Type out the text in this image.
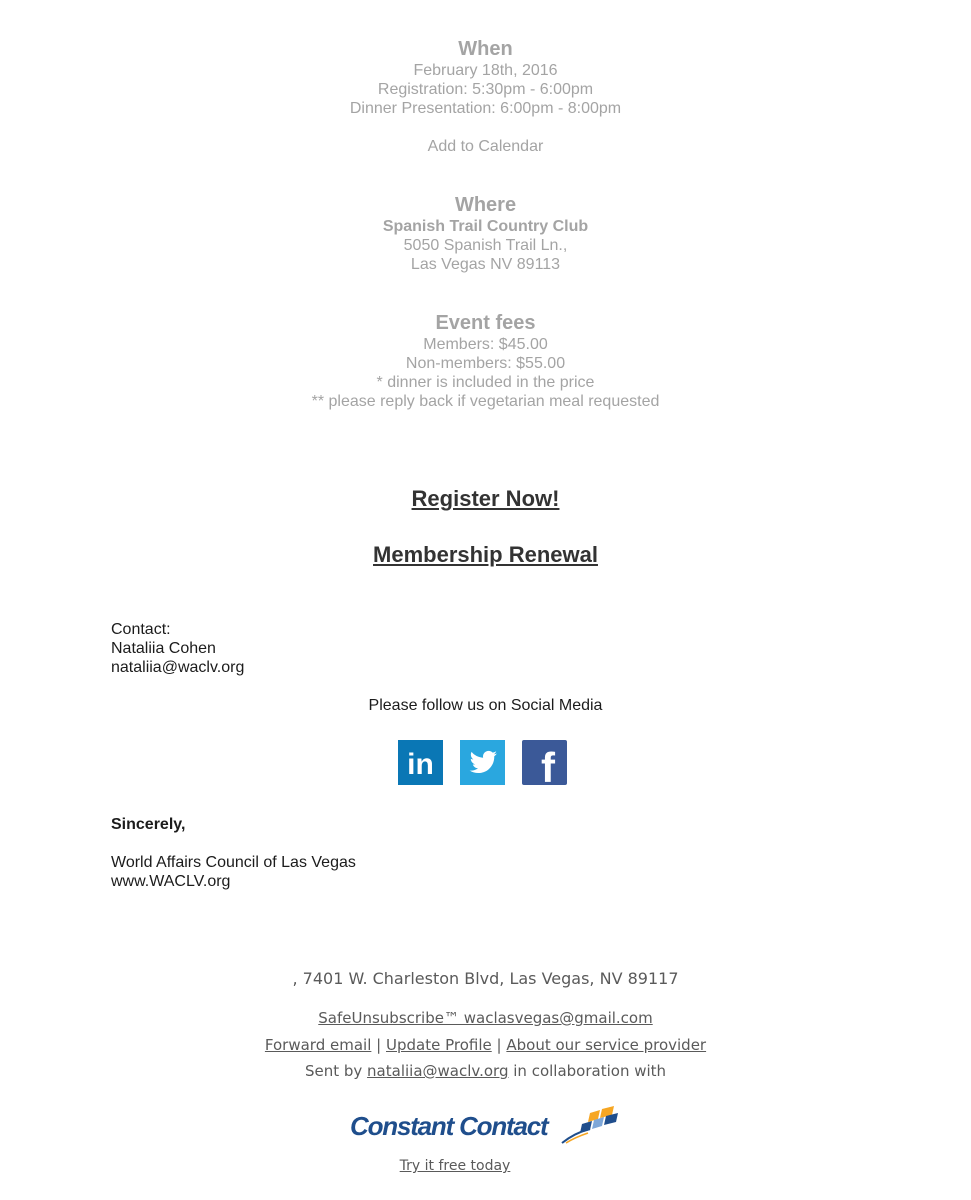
When
February 18th, 2016
Registration: 5:30pm - 6:00pm
Dinner Presentation: 6:00pm - 8:00pm
Add to Calendar
Where
Spanish Trail Country Club
5050 Spanish Trail Ln.,
Las Vegas NV 89113
Event fees
Members: $45.00
Non-members: $55.00
* dinner is included in the price
** please reply back if vegetarian meal requested
Register Now!
Membership Renewal
Contact:
Nataliia Cohen
nataliia@waclv.org
Please follow us on Social Media
in	f
Sincerely,
World Affairs Council of Las Vegas
www.WACLV.org
, 7401 W. Charleston Blvd, Las Vegas, NV 89117
SafeUnsubscribe™ waclasvegas@gmail.com
Forward email | Update Profile | About our service provider
Sent by nataliia@waclv.org in collaboration with
Constant Contact
Try it free today
